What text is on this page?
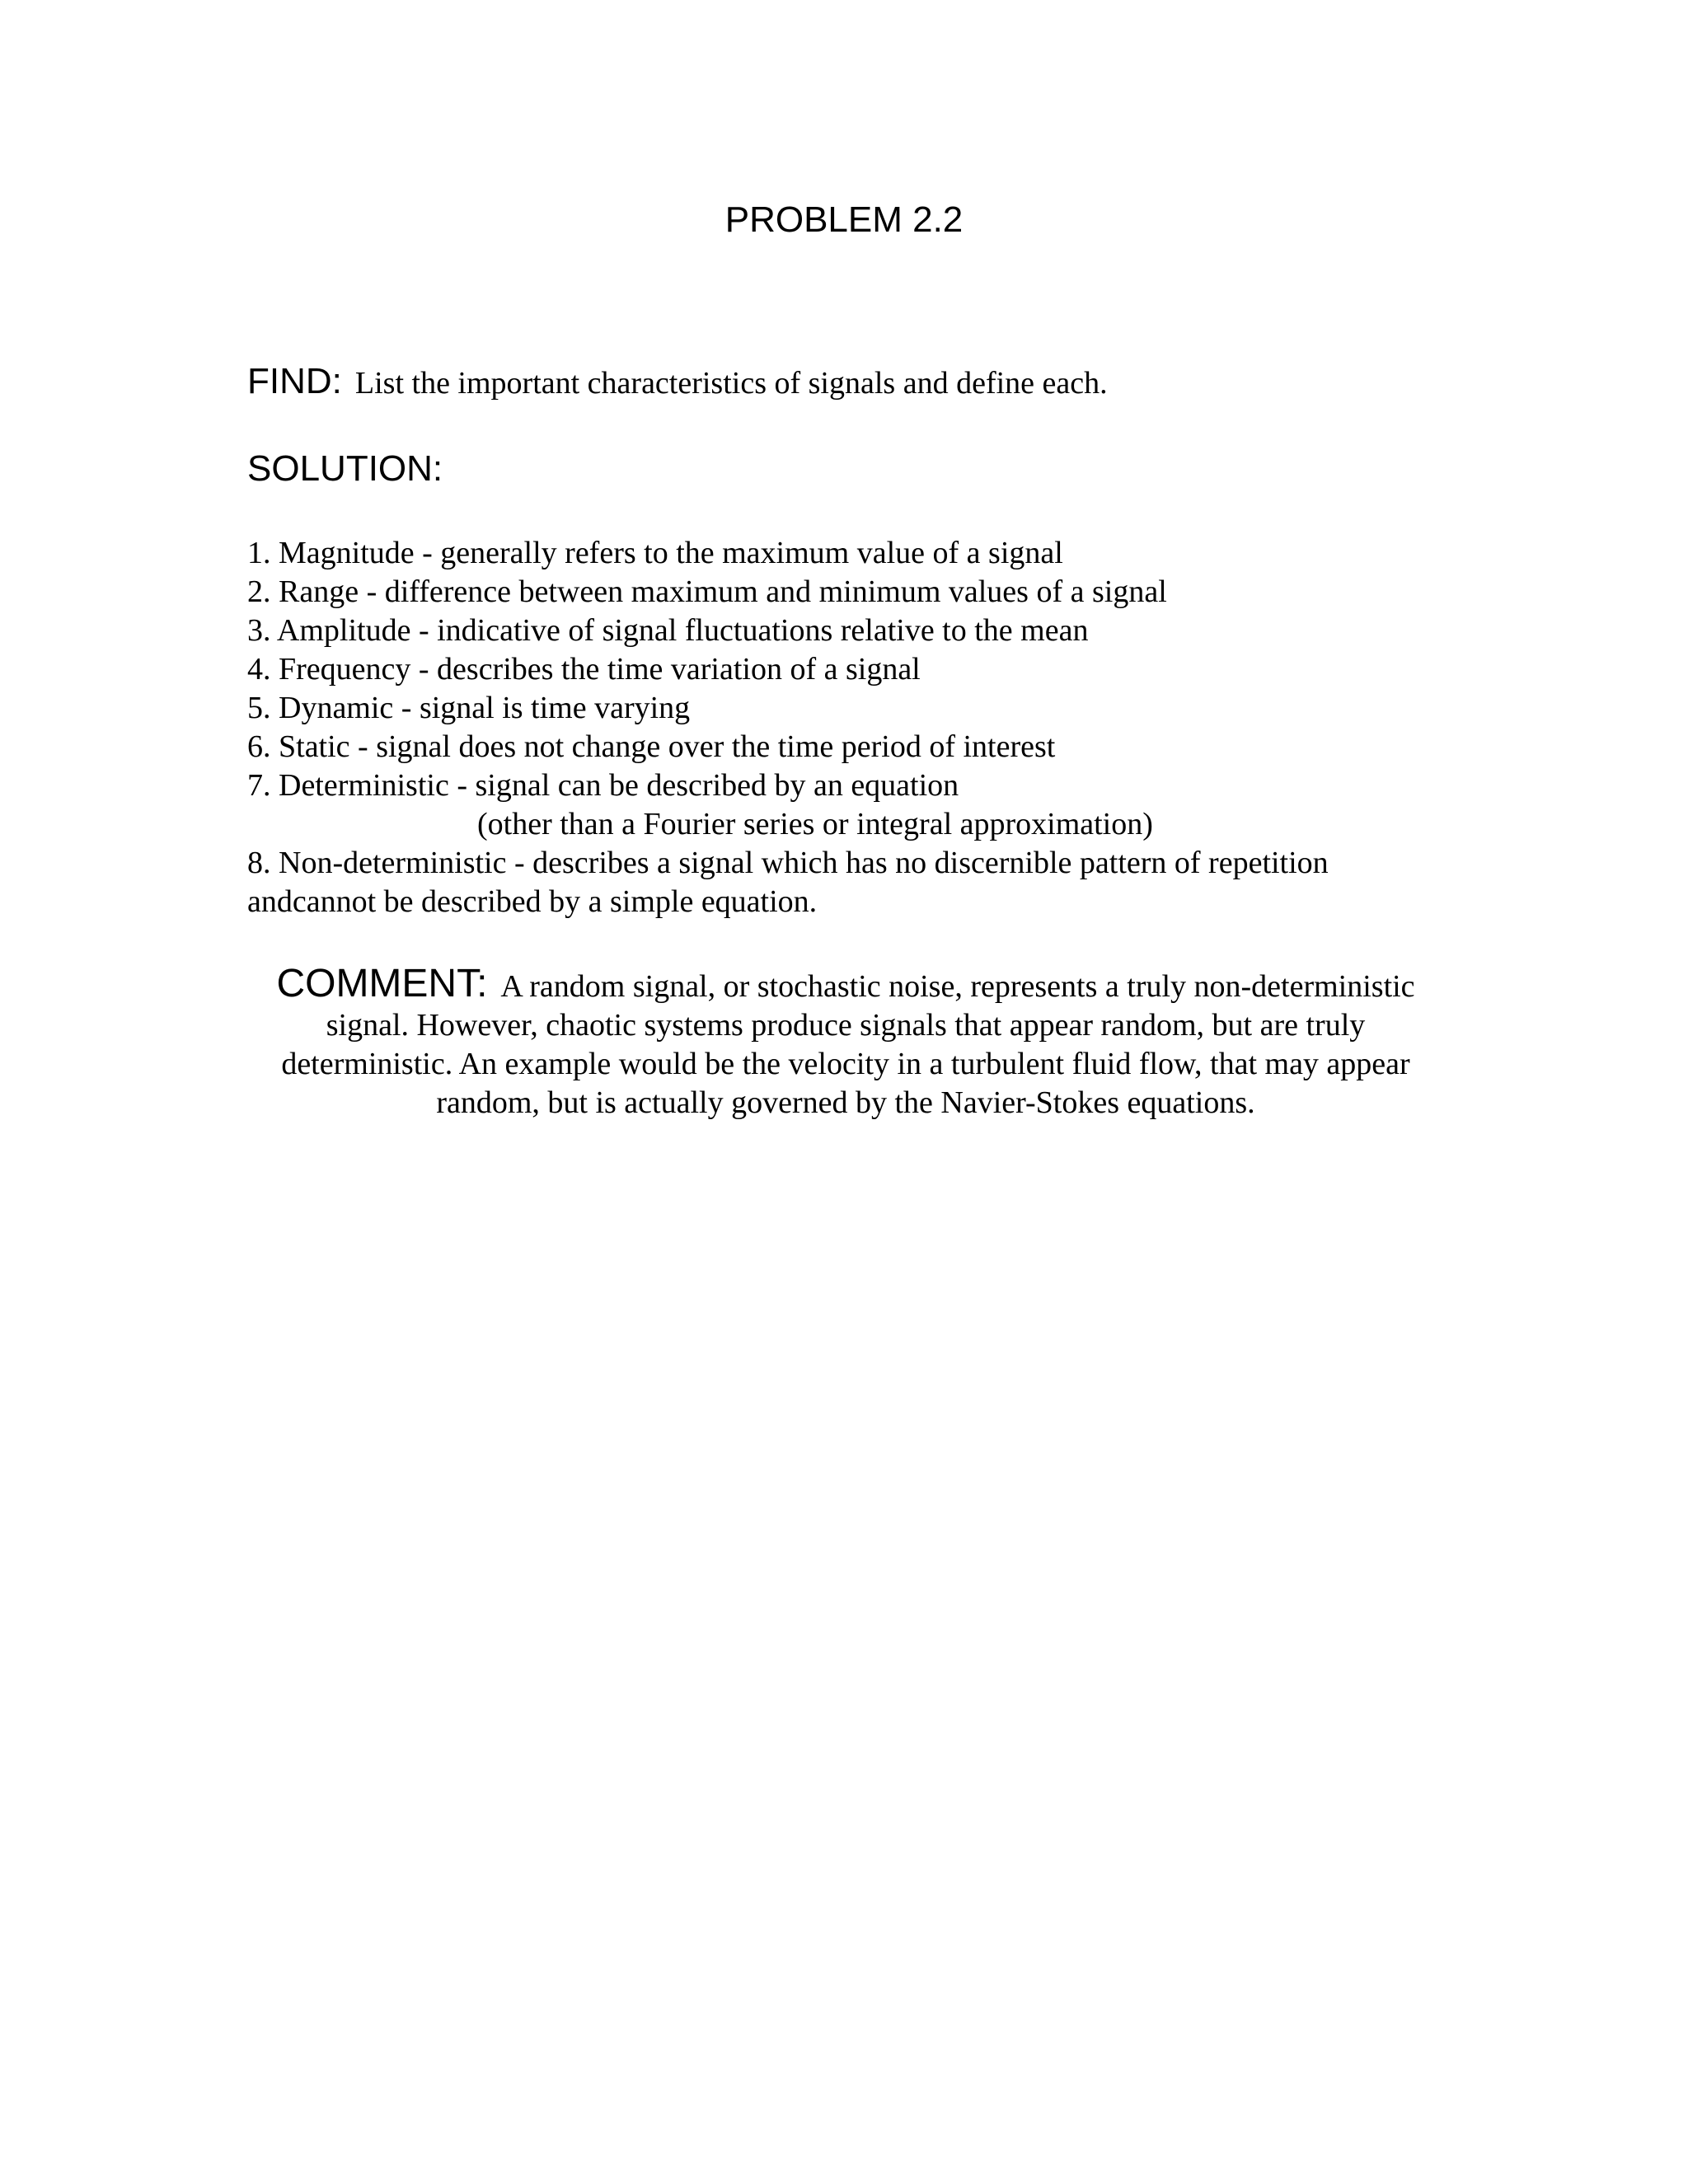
PROBLEM 2.2
FIND: List the important characteristics of signals and define each.
SOLUTION:
1. Magnitude - generally refers to the maximum value of a signal
2. Range - difference between maximum and minimum values of a signal
3. Amplitude - indicative of signal fluctuations relative to the mean
4. Frequency - describes the time variation of a signal
5. Dynamic - signal is time varying
6. Static - signal does not change over the time period of interest
7. Deterministic - signal can be described by an equation
(other than a Fourier series or integral approximation)
8. Non-deterministic - describes a signal which has no discernible pattern of repetition andcannot be described by a simple equation.
COMMENT: A random signal, or stochastic noise, represents a truly non-deterministic signal. However, chaotic systems produce signals that appear random, but are truly deterministic. An example would be the velocity in a turbulent fluid flow, that may appear random, but is actually governed by the Navier-Stokes equations.
